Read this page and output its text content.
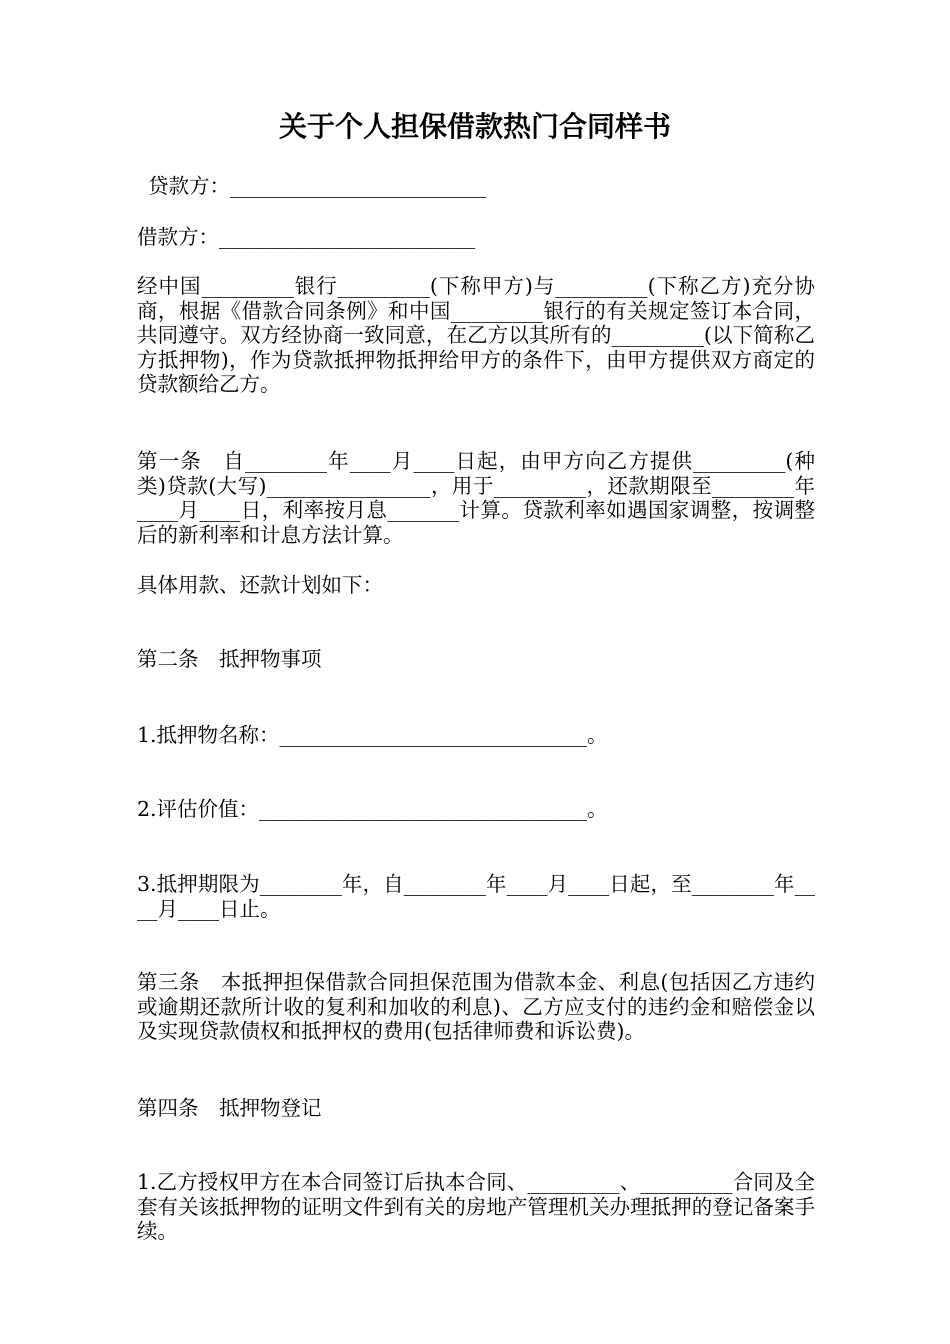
关于个人担保借款热门合同样书

贷款方：_________________________

借款方：_________________________

经中国_________银行_________(下称甲方)与_________(下称乙方)充分协商，根据《借款合同条例》和中国_________银行的有关规定签订本合同，共同遵守。双方经协商一致同意，在乙方以其所有的_________(以下简称乙方抵押物)，作为贷款抵押物抵押给甲方的条件下，由甲方提供双方商定的贷款额给乙方。

第一条　自________年____月____日起，由甲方向乙方提供_________(种类)贷款(大写)________________，用于_________，还款期限至________年____月____日，利率按月息_______计算。贷款利率如遇国家调整，按调整后的新利率和计息方法计算。

具体用款、还款计划如下：

第二条　抵押物事项

1.抵押物名称：______________________________。

2.评估价值：________________________________。

3.抵押期限为________年，自________年____月____日起，至________年____月____日止。

第三条　本抵押担保借款合同担保范围为借款本金、利息(包括因乙方违约或逾期还款所计收的复利和加收的利息)、乙方应支付的违约金和赔偿金以及实现贷款债权和抵押权的费用(包括律师费和诉讼费)。

第四条　抵押物登记

1.乙方授权甲方在本合同签订后执本合同、_________、_________合同及全套有关该抵押物的证明文件到有关的房地产管理机关办理抵押的登记备案手续。
